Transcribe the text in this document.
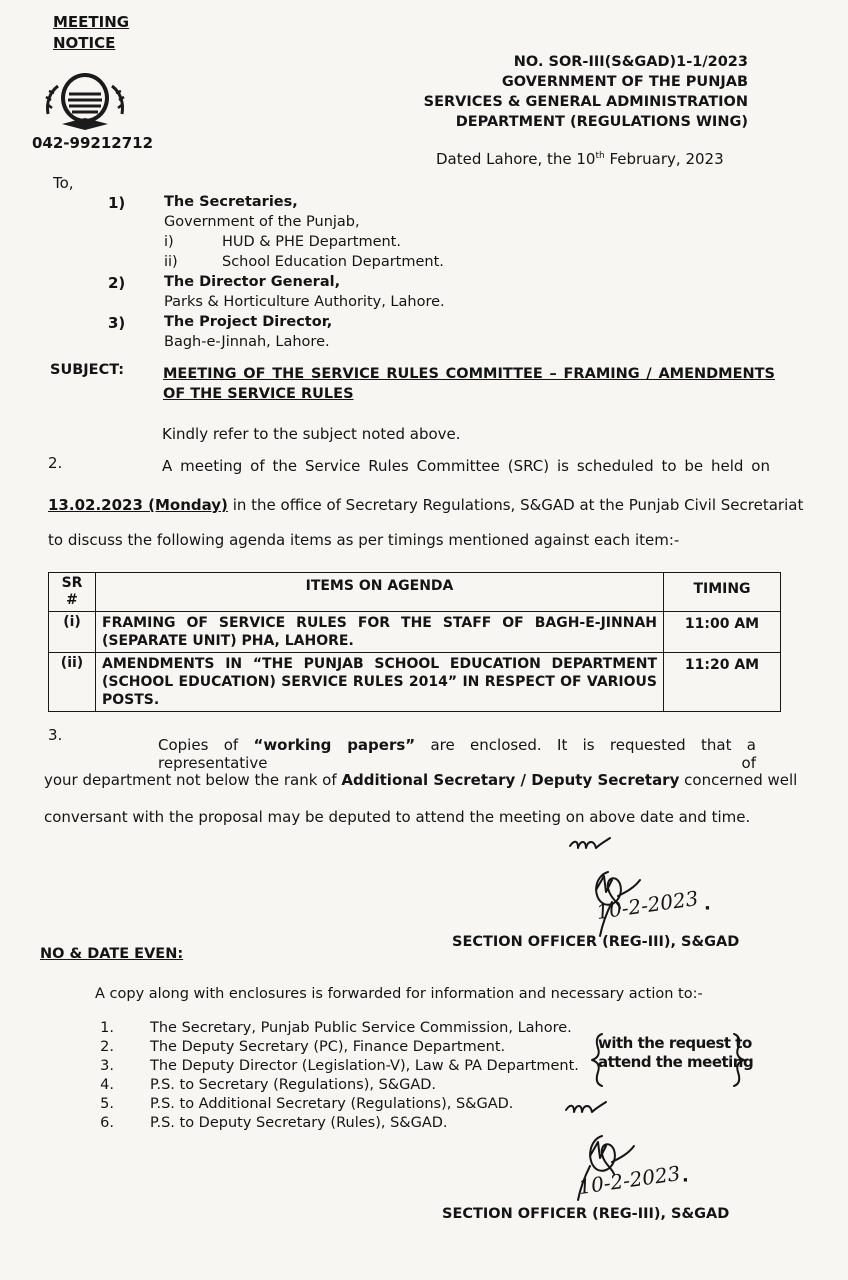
MEETING
NOTICE
042-99212712
NO. SOR-III(S&GAD)1-1/2023
GOVERNMENT OF THE PUNJAB
SERVICES & GENERAL ADMINISTRATION
DEPARTMENT (REGULATIONS WING)
Dated Lahore, the 10th February, 2023
To,
1)	The Secretaries,
Government of the Punjab,
i)	HUD & PHE Department.
ii)	School Education Department.
2)	The Director General,
Parks & Horticulture Authority, Lahore.
3)	The Project Director,
Bagh-e-Jinnah, Lahore.
SUBJECT:	MEETING OF THE SERVICE RULES COMMITTEE – FRAMING / AMENDMENTS
OF THE SERVICE RULES
Kindly refer to the subject noted above.
2.	A meeting of the Service Rules Committee (SRC) is scheduled to be held on
13.02.2023 (Monday) in the office of Secretary Regulations, S&GAD at the Punjab Civil Secretariat
to discuss the following agenda items as per timings mentioned against each item:-
SR
#	ITEMS ON AGENDA	TIMING
(i)	FRAMING OF SERVICE RULES FOR THE STAFF OF BAGH-E-JINNAH (SEPARATE UNIT) PHA, LAHORE.	11:00 AM
(ii)	AMENDMENTS IN “THE PUNJAB SCHOOL EDUCATION DEPARTMENT (SCHOOL EDUCATION) SERVICE RULES 2014” IN RESPECT OF VARIOUS POSTS.	11:20 AM
3.
Copies of “working papers” are enclosed. It is requested that a representative of
your department not below the rank of Additional Secretary / Deputy Secretary concerned well
conversant with the proposal may be deputed to attend the meeting on above date and time.
10-2-2023 ·
SECTION OFFICER (REG-III), S&GAD
NO & DATE EVEN:
A copy along with enclosures is forwarded for information and necessary action to:-
1. The Secretary, Punjab Public Service Commission, Lahore.
2. The Deputy Secretary (PC), Finance Department.
3. The Deputy Director (Legislation-V), Law & PA Department.
4. P.S. to Secretary (Regulations), S&GAD.
5. P.S. to Additional Secretary (Regulations), S&GAD.
6. P.S. to Deputy Secretary (Rules), S&GAD.
with the request to
attend the meeting
10-2-2023 ·
SECTION OFFICER (REG-III), S&GAD
